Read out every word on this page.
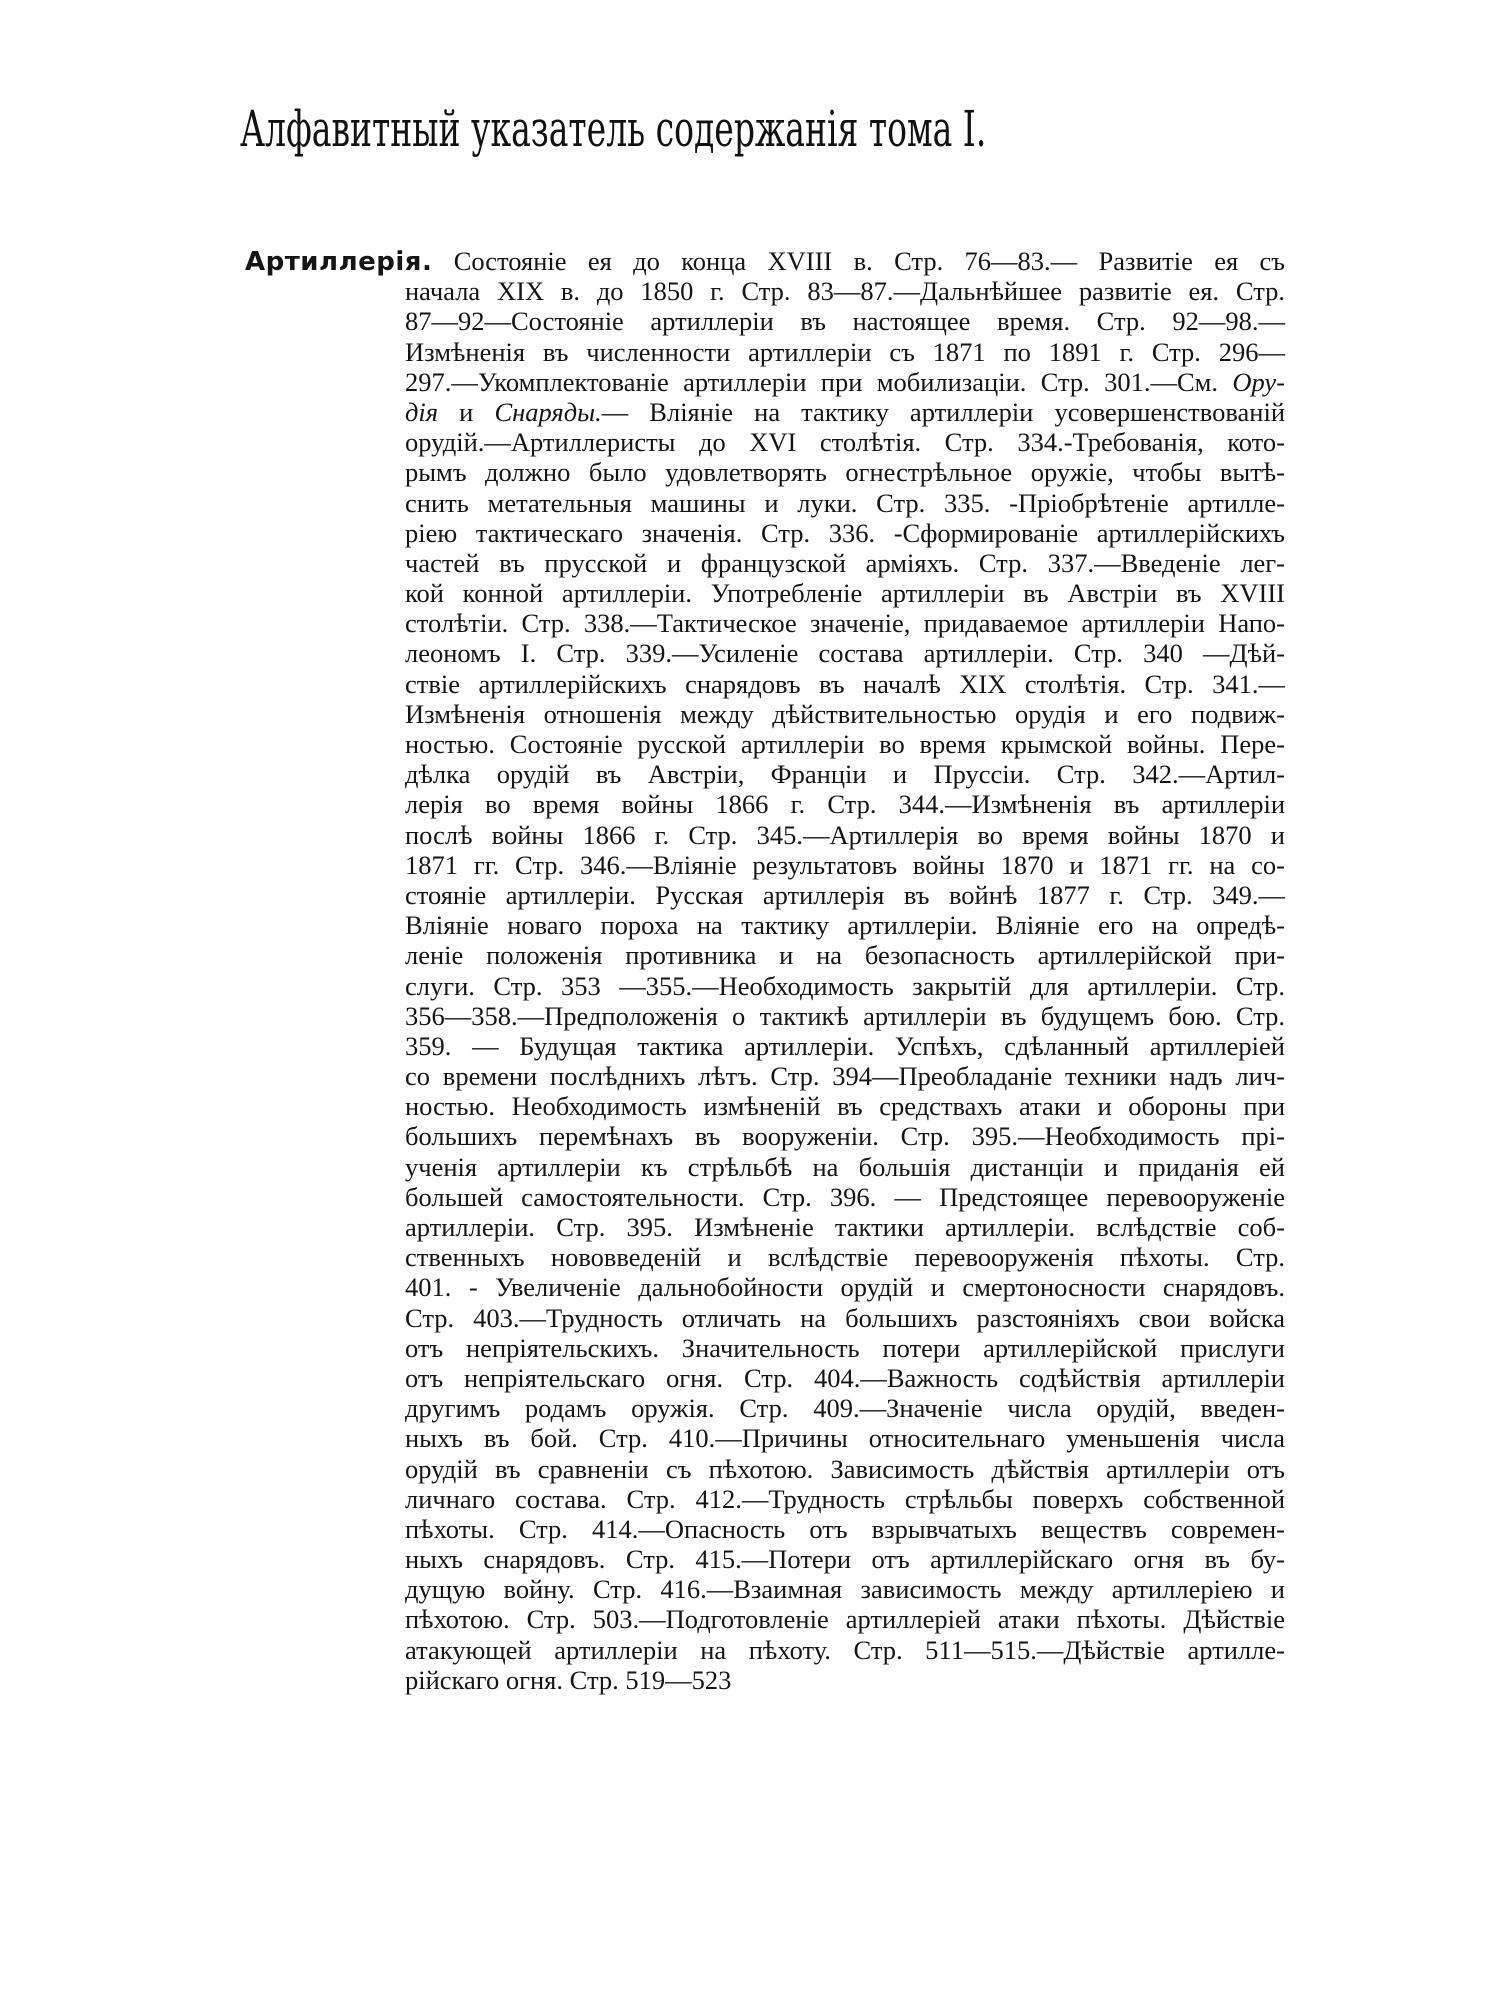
Алфавитный указатель содержанія тома I.
Артиллерія. Состояніе ея до конца XVIII в. Стр. 76—83.— Развитіе ея съ
начала XIX в. до 1850 г. Стр. 83—87.—Дальнѣйшее развитіе ея. Стр.
87—92—Состояніе артиллеріи въ настоящее время. Стр. 92—98.—
Измѣненія въ численности артиллеріи съ 1871 по 1891 г. Стр. 296—
297.—Укомплектованіе артиллеріи при мобилизаціи. Стр. 301.—См. Ору-
дія и Снаряды.— Вліяніе на тактику артиллеріи усовершенствованій
орудій.—Артиллеристы до XVI столѣтія. Стр. 334.-Требованія, кото-
рымъ должно было удовлетворять огнестрѣльное оружіе, чтобы вытѣ-
снить метательныя машины и луки. Стр. 335. -Пріобрѣтеніе артилле-
ріею тактическаго значенія. Стр. 336. -Сформированіе артиллерійскихъ
частей въ прусской и французской арміяхъ. Стр. 337.—Введеніе лег-
кой конной артиллеріи. Употребленіе артиллеріи въ Австріи въ XVIII
столѣтіи. Стр. 338.—Тактическое значеніе, придаваемое артиллеріи Напо-
леономъ I. Стр. 339.—Усиленіе состава артиллеріи. Стр. 340 —Дѣй-
ствіе артиллерійскихъ снарядовъ въ началѣ XIX столѣтія. Стр. 341.—
Измѣненія отношенія между дѣйствительностью орудія и его подвиж-
ностью. Состояніе русской артиллеріи во время крымской войны. Пере-
дѣлка орудій въ Австріи, Франціи и Пруссіи. Стр. 342.—Артил-
лерія во время войны 1866 г. Стр. 344.—Измѣненія въ артиллеріи
послѣ войны 1866 г. Стр. 345.—Артиллерія во время войны 1870 и
1871 гг. Стр. 346.—Вліяніе результатовъ войны 1870 и 1871 гг. на со-
стояніе артиллеріи. Русская артиллерія въ войнѣ 1877 г. Стр. 349.—
Вліяніе новаго пороха на тактику артиллеріи. Вліяніе его на опредѣ-
леніе положенія противника и на безопасность артиллерійской при-
слуги. Стр. 353 —355.—Необходимость закрытій для артиллеріи. Стр.
356—358.—Предположенія о тактикѣ артиллеріи въ будущемъ бою. Стр.
359. — Будущая тактика артиллеріи. Успѣхъ, сдѣланный артиллеріей
со времени послѣднихъ лѣтъ. Стр. 394—Преобладаніе техники надъ лич-
ностью. Необходимость измѣненій въ средствахъ атаки и обороны при
большихъ перемѣнахъ въ вооруженіи. Стр. 395.—Необходимость прі-
ученія артиллеріи къ стрѣльбѣ на большія дистанціи и приданія ей
большей самостоятельности. Стр. 396. — Предстоящее перевооруженіе
артиллеріи. Стр. 395. Измѣненіе тактики артиллеріи. вслѣдствіе соб-
ственныхъ нововведеній и вслѣдствіе перевооруженія пѣхоты. Стр.
401. - Увеличеніе дальнобойности орудій и смертоносности снарядовъ.
Стр. 403.—Трудность отличать на большихъ разстояніяхъ свои войска
отъ непріятельскихъ. Значительность потери артиллерійской прислуги
отъ непріятельскаго огня. Стр. 404.—Важность содѣйствія артиллеріи
другимъ родамъ оружія. Стр. 409.—Значеніе числа орудій, введен-
ныхъ въ бой. Стр. 410.—Причины относительнаго уменьшенія числа
орудій въ сравненіи съ пѣхотою. Зависимость дѣйствія артиллеріи отъ
личнаго состава. Стр. 412.—Трудность стрѣльбы поверхъ собственной
пѣхоты. Стр. 414.—Опасность отъ взрывчатыхъ веществъ современ-
ныхъ снарядовъ. Стр. 415.—Потери отъ артиллерійскаго огня въ бу-
дущую войну. Стр. 416.—Взаимная зависимость между артиллеріею и
пѣхотою. Стр. 503.—Подготовленіе артиллеріей атаки пѣхоты. Дѣйствіе
атакующей артиллеріи на пѣхоту. Стр. 511—515.—Дѣйствіе артилле-
рійскаго огня. Стр. 519—523
